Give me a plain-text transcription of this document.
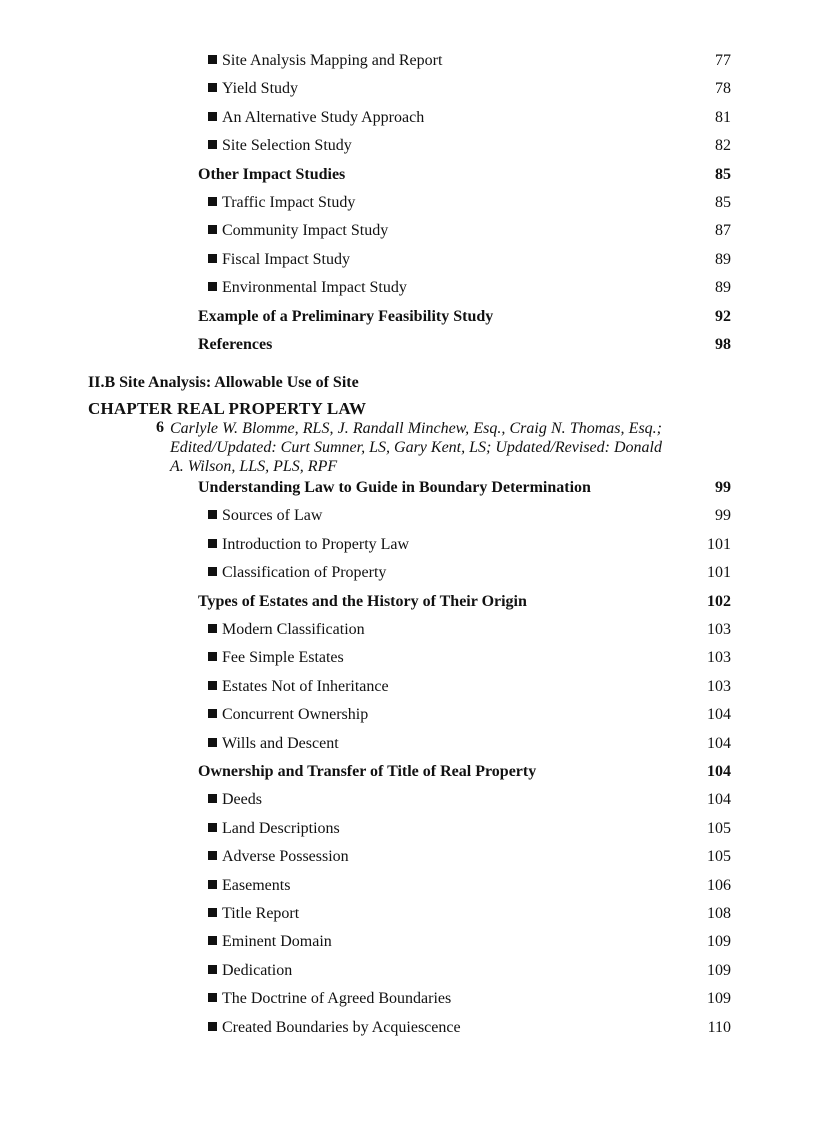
Site Analysis Mapping and Report	77
Yield Study	78
An Alternative Study Approach	81
Site Selection Study	82
Other Impact Studies	85
Traffic Impact Study	85
Community Impact Study	87
Fiscal Impact Study	89
Environmental Impact Study	89
Example of a Preliminary Feasibility Study	92
References	98
II.B Site Analysis: Allowable Use of Site
CHAPTER REAL PROPERTY LAW
6 Carlyle W. Blomme, RLS, J. Randall Minchew, Esq., Craig N. Thomas, Esq.; Edited/Updated: Curt Sumner, LS, Gary Kent, LS; Updated/Revised: Donald A. Wilson, LLS, PLS, RPF
Understanding Law to Guide in Boundary Determination	99
Sources of Law	99
Introduction to Property Law	101
Classification of Property	101
Types of Estates and the History of Their Origin	102
Modern Classification	103
Fee Simple Estates	103
Estates Not of Inheritance	103
Concurrent Ownership	104
Wills and Descent	104
Ownership and Transfer of Title of Real Property	104
Deeds	104
Land Descriptions	105
Adverse Possession	105
Easements	106
Title Report	108
Eminent Domain	109
Dedication	109
The Doctrine of Agreed Boundaries	109
Created Boundaries by Acquiescence	110
